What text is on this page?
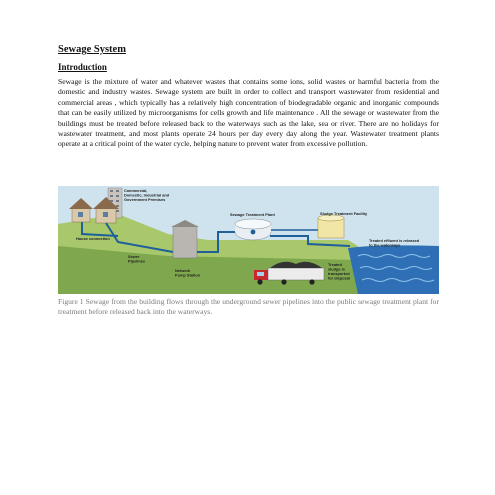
Sewage System
Introduction
Sewage is the mixture of water and whatever wastes that contains some ions, solid wastes or harmful bacteria from the domestic and industry wastes. Sewage system are built in order to collect and transport wastewater from residential and commercial areas , which typically has a relatively high concentration of biodegradable organic and inorganic compounds that can be easily utilized by microorganisms for cells growth and life maintenance . All the sewage or wastewater from the buildings must be treated before released back to the waterways such as the lake, sea or river. There are no holidays for wastewater treatment, and most plants operate 24 hours per day every day along the year. Wastewater treatment plants operate at a critical point of the water cycle, helping nature to prevent water from excessive pollution.
Commercial,
Domestic, Industrial and
Government Premises
Sewage Treatment Plant	Sludge Treatment Facility
Treated effluent is released
to the waterways
House connection
Sewer
Pipelines
Network
Pump Station
Treated
sludge is
transported
for disposal
Figure 1 Sewage from the building flows through the underground sewer pipelines into the public sewage treatment plant for treatment before released back into the waterways.
